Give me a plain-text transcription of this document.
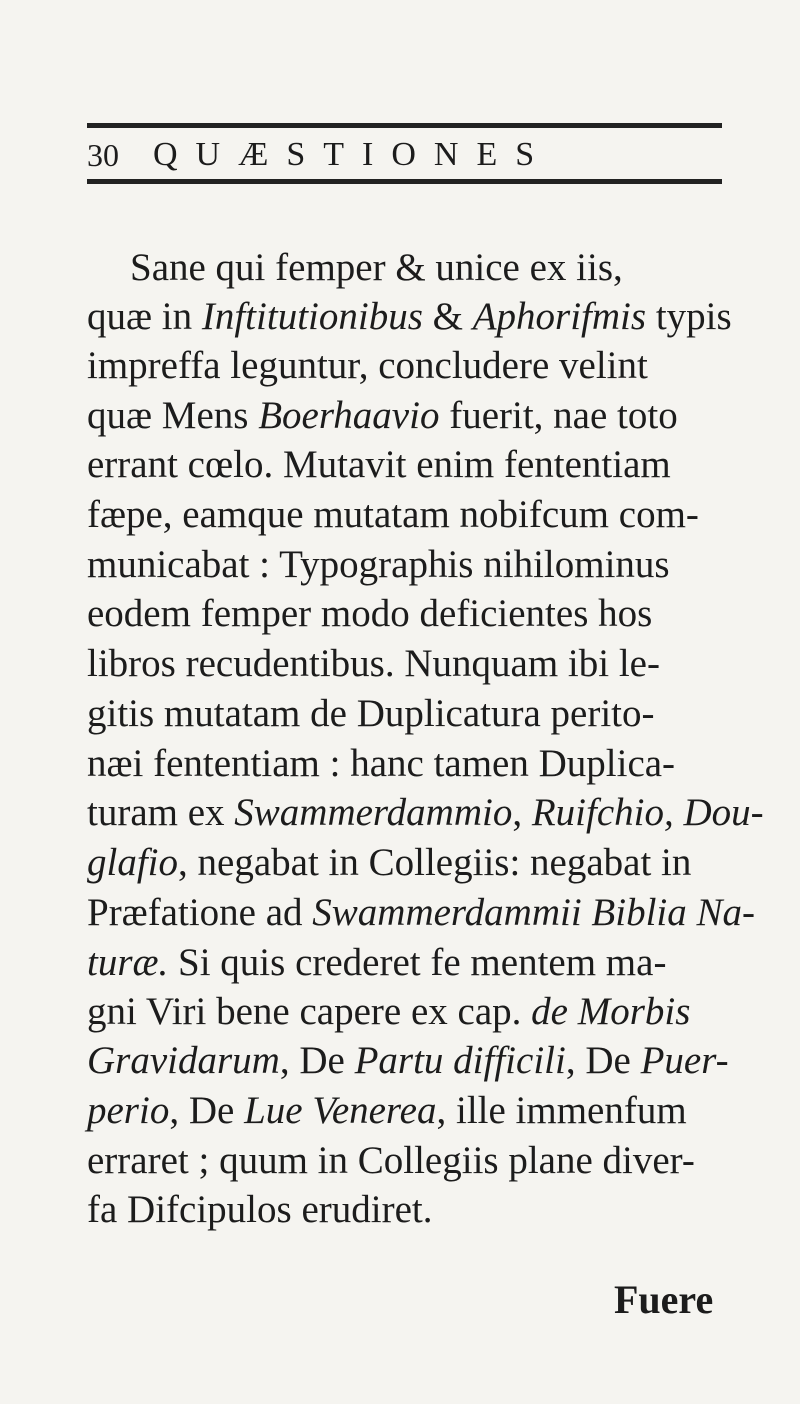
30 QUÆSTIONES
Sane qui femper & unice ex iis,
quæ in Inftitutionibus & Aphorifmis typis
impreffa leguntur, concludere velint
quæ Mens Boerhaavio fuerit, nae toto
errant cœlo. Mutavit enim fententiam
fæpe, eamque mutatam nobifcum com-
municabat : Typographis nihilominus
eodem femper modo deficientes hos
libros recudentibus. Nunquam ibi le-
gitis mutatam de Duplicatura perito-
næi fententiam : hanc tamen Duplica-
turam ex Swammerdammio, Ruifchio, Dou-
glafio, negabat in Collegiis: negabat in
Præfatione ad Swammerdammii Biblia Na-
turæ. Si quis crederet fe mentem ma-
gni Viri bene capere ex cap. de Morbis
Gravidarum, De Partu difficili, De Puer-
perio, De Lue Venerea, ille immenfum
erraret ; quum in Collegiis plane diver-
fa Difcipulos erudiret.
Fuere
